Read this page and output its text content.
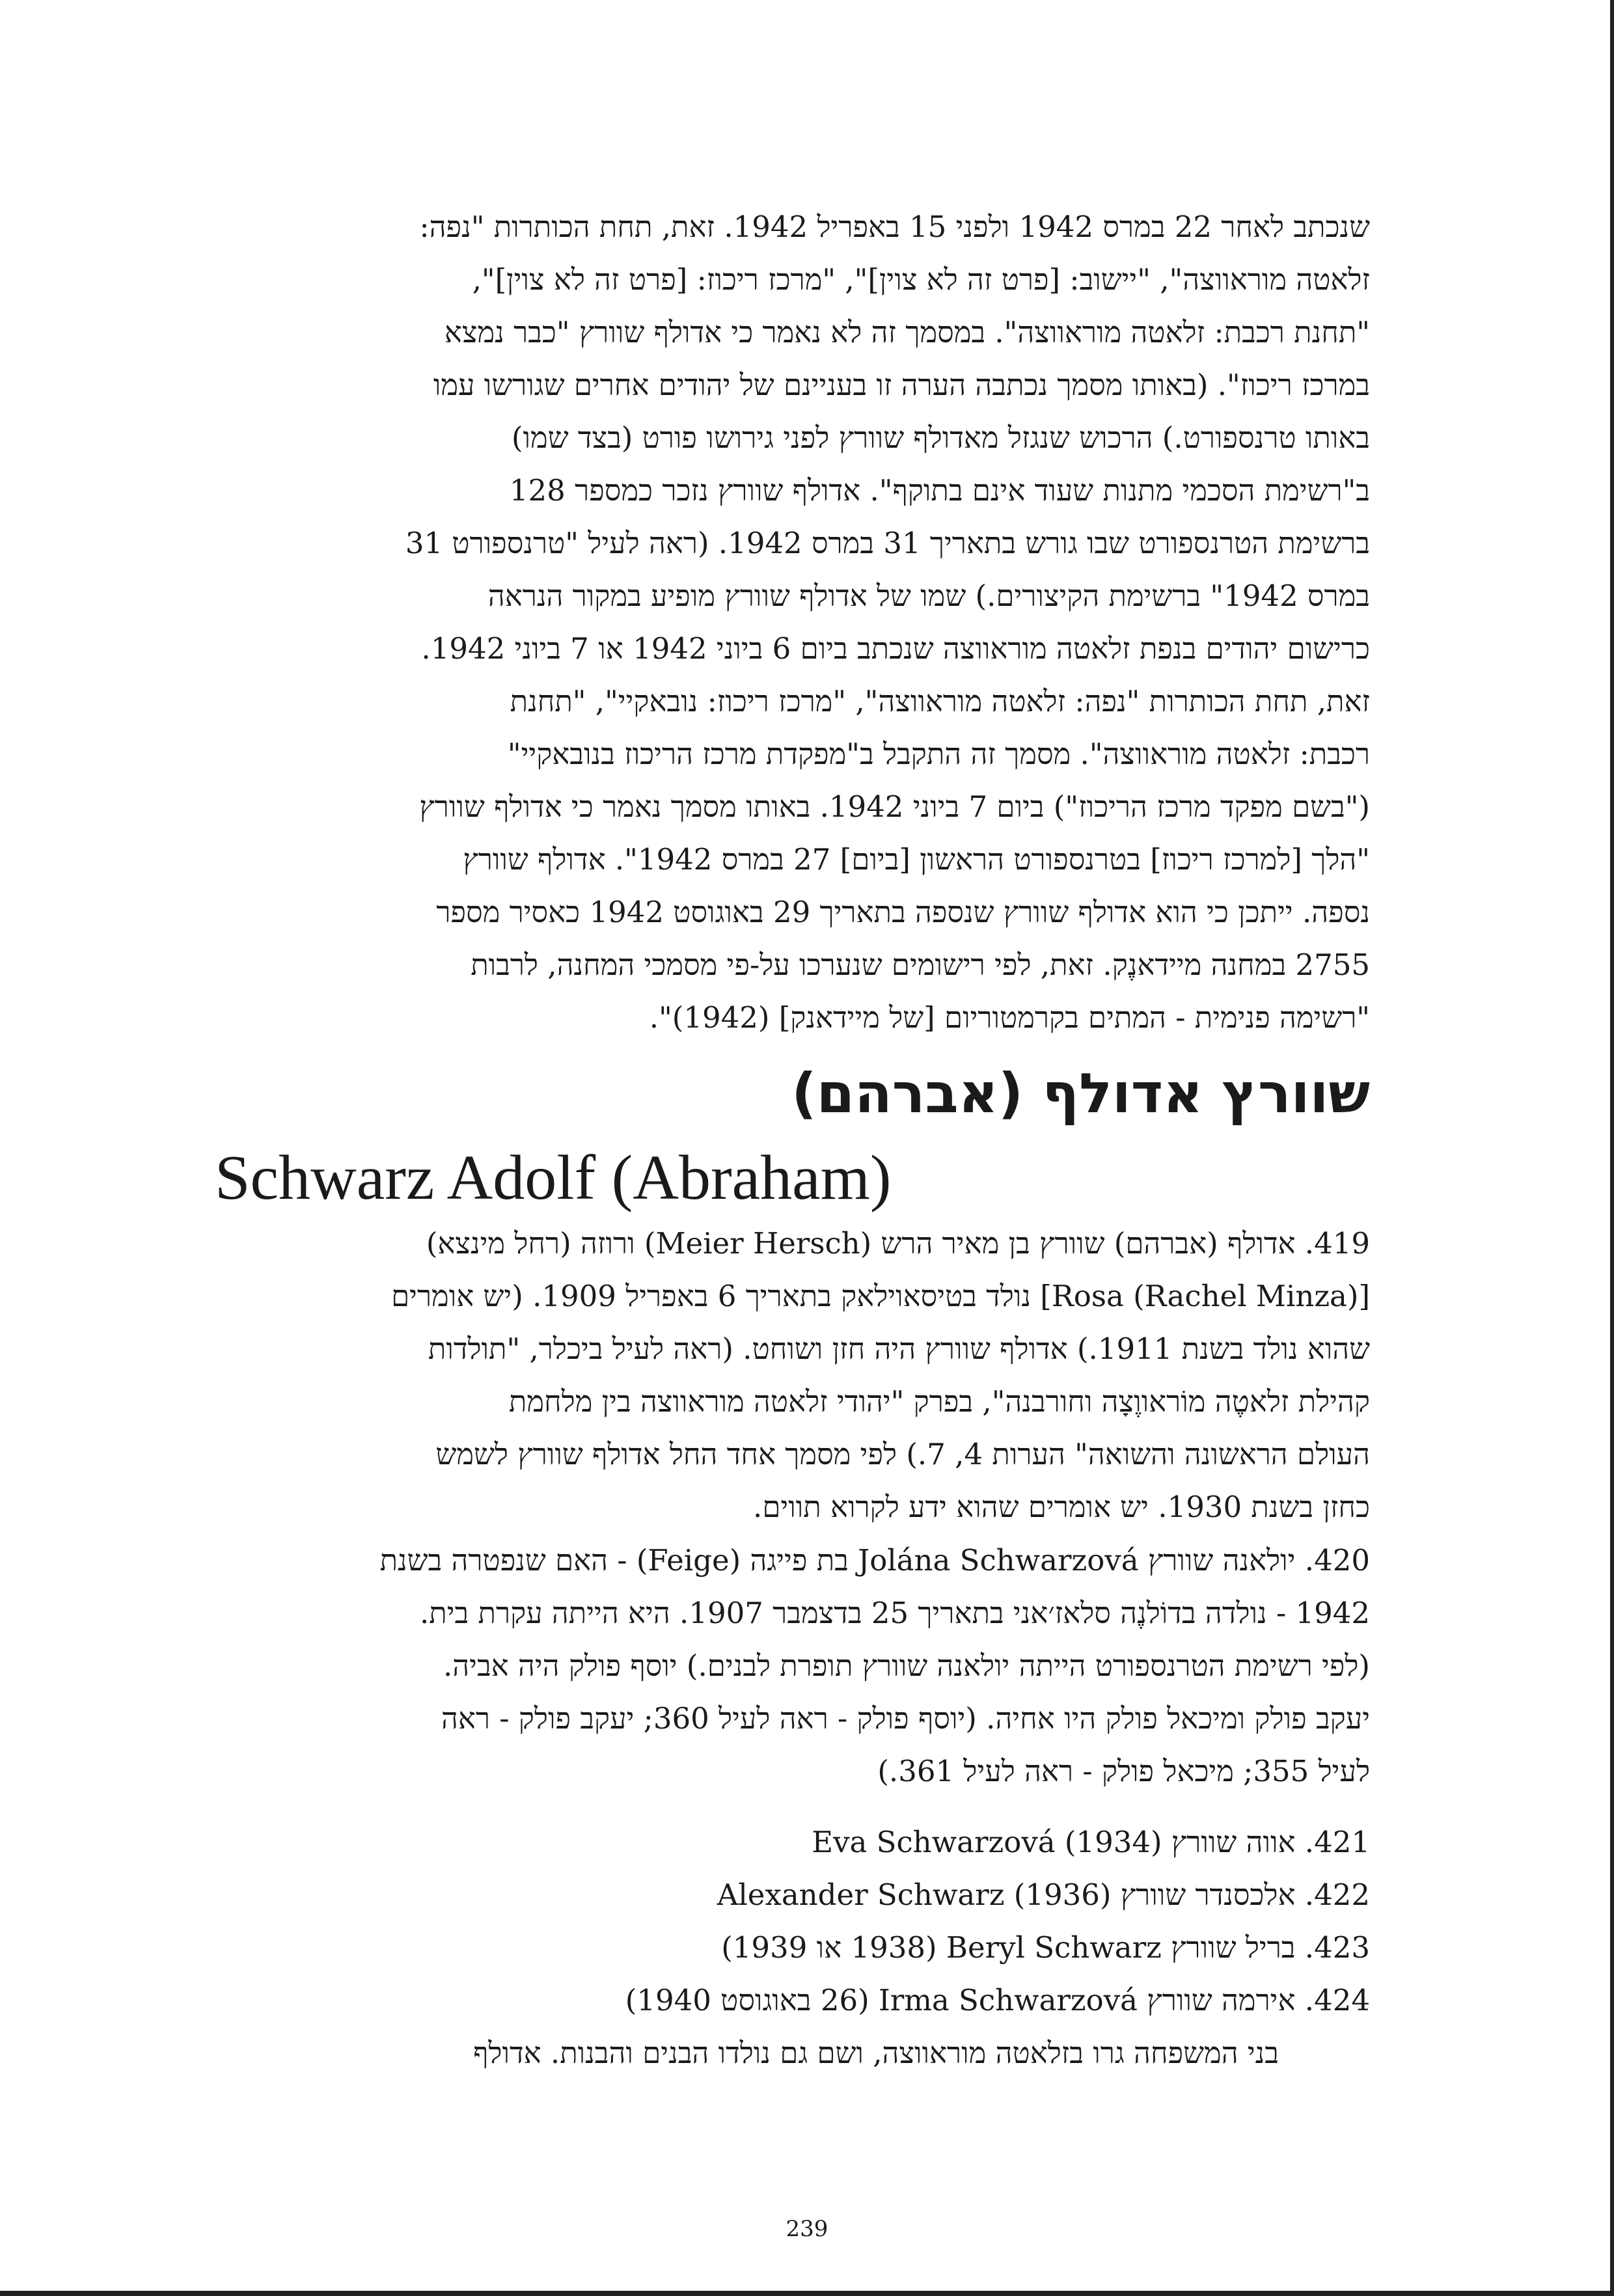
שנכתב לאחר 22 במרס 1942 ולפני 15 באפריל 1942. זאת, תחת הכותרות "נפה:
זלאטה מוראווצה", "יישוב: [פרט זה לא צוין]", "מרכז ריכוז: [פרט זה לא צוין]",
"תחנת רכבת: זלאטה מוראווצה". במסמך זה לא נאמר כי אדולף שוורץ "כבר נמצא
במרכז ריכוז". (באותו מסמך נכתבה הערה זו בעניינם של יהודים אחרים שגורשו עמו
באותו טרנספורט.) הרכוש שנגזל מאדולף שוורץ לפני גירושו פורט (בצד שמו)
ב"רשימת הסכמי מתנות שעוד אינם בתוקף". אדולף שוורץ נזכר כמספר 128
ברשימת הטרנספורט שבו גורש בתאריך 31 במרס 1942. (ראה לעיל "טרנספורט 31
במרס 1942" ברשימת הקיצורים.) שמו של אדולף שוורץ מופיע במקור הנראה
כרישום יהודים בנפת זלאטה מוראווצה שנכתב ביום 6 ביוני 1942 או 7 ביוני 1942.
זאת, תחת הכותרות "נפה: זלאטה מוראווצה", "מרכז ריכוז: נובאקיי", "תחנת
רכבת: זלאטה מוראווצה". מסמך זה התקבל ב"מפקדת מרכז הריכוז בנובאקיי"
("בשם מפקד מרכז הריכוז") ביום 7 ביוני 1942. באותו מסמך נאמר כי אדולף שוורץ
"הלך [למרכז ריכוז] בטרנספורט הראשון [ביום] 27 במרס 1942". אדולף שוורץ
נספה. ייתכן כי הוא אדולף שוורץ שנספה בתאריך 29 באוגוסט 1942 כאסיר מספר
2755 במחנה מיידאנֶק. זאת, לפי רישומים שנערכו על-פי מסמכי המחנה, לרבות
"רשימה פנימית - המתים בקרמטוריום [של מיידאנק] (1942)".
שוורץ אדולף (אברהם)
Schwarz Adolf (Abraham)
419. אדולף (אברהם) שוורץ בן מאיר הרש (Meier Hersch) ורוזה (רחל מינצא)
[Rosa (Rachel Minza)] נולד בטיסאוילאק בתאריך 6 באפריל 1909. (יש אומרים
שהוא נולד בשנת 1911.) אדולף שוורץ היה חזן ושוחט. (ראה לעיל ביכלר, "תולדות
קהילת זלאטֶה מוֹראווֶצָה וחורבנה", בפרק "יהודי זלאטה מוראווצה בין מלחמת
העולם הראשונה והשואה" הערות 4, 7.) לפי מסמך אחד החל אדולף שוורץ לשמש
כחזן בשנת 1930. יש אומרים שהוא ידע לקרוא תווים.
420. יולאנה שוורץ Jolána Schwarzová בת פייגה (Feige) - האם שנפטרה בשנת
1942 - נולדה בדוֹלנֶה סלאז׳אני בתאריך 25 בדצמבר 1907. היא הייתה עקרת בית.
(לפי רשימת הטרנספורט הייתה יולאנה שוורץ תופרת לבנים.) יוסף פולק היה אביה.
יעקב פולק ומיכאל פולק היו אחיה. (יוסף פולק - ראה לעיל 360; יעקב פולק - ראה
לעיל 355; מיכאל פולק - ראה לעיל 361.)
421. אווה שוורץ Eva Schwarzová (1934)
422. אלכסנדר שוורץ Alexander Schwarz (1936)
423. בריל שוורץ Beryl Schwarz (1938 או 1939)
424. אירמה שוורץ Irma Schwarzová (26 באוגוסט 1940)
בני המשפחה גרו בזלאטה מוראווצה, ושם גם נולדו הבנים והבנות. אדולף
239
